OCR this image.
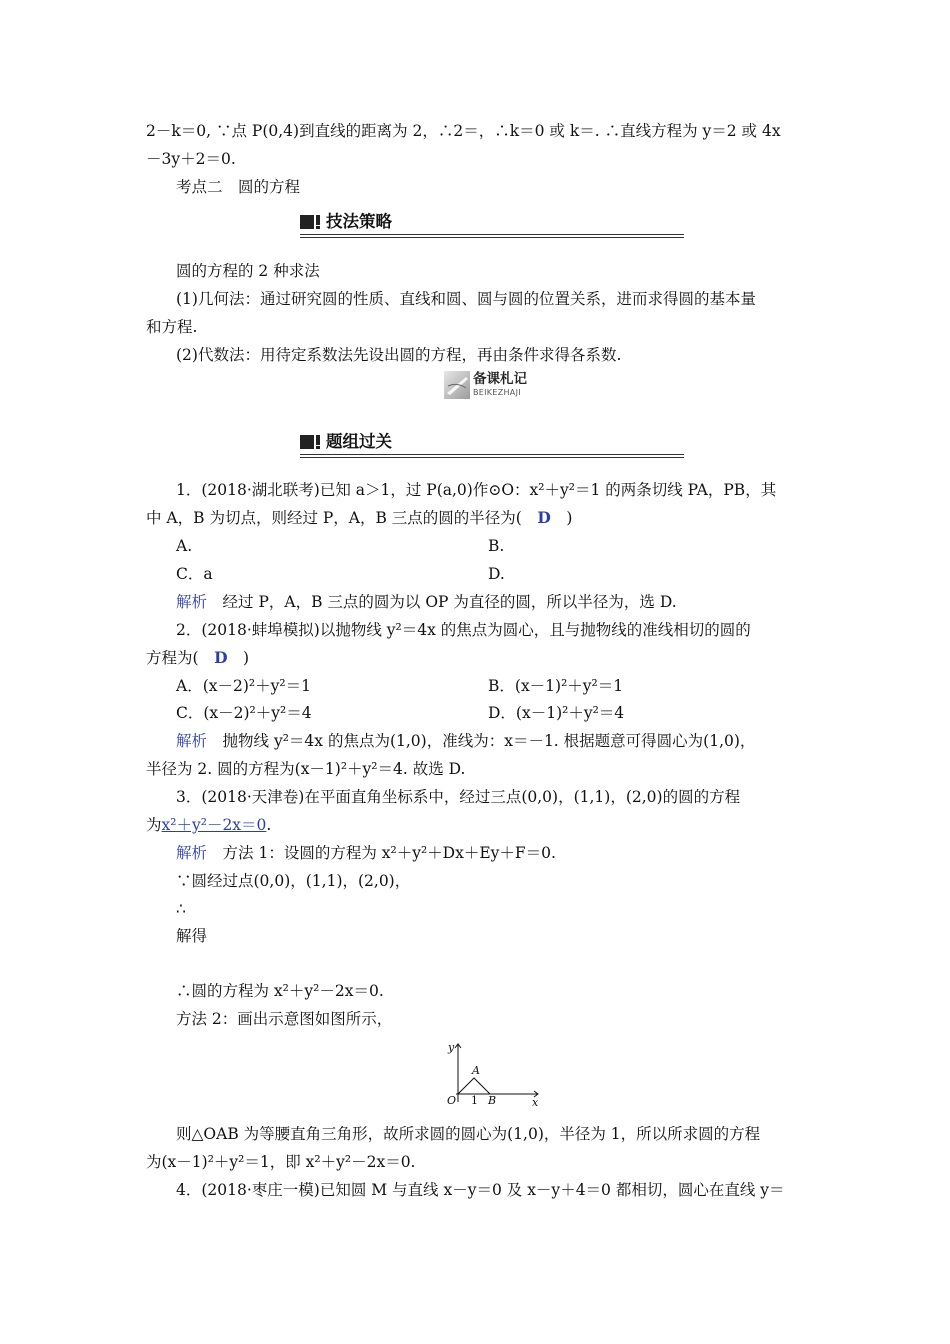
2－k＝0, ∵点 P(0,4)到直线的距离为 2，∴2＝，∴k＝0 或 k＝. ∴直线方程为 y＝2 或 4x
－3y＋2＝0.
考点二　圆的方程
技法策略
圆的方程的 2 种求法
(1)几何法：通过研究圆的性质、直线和圆、圆与圆的位置关系，进而求得圆的基本量
和方程.
(2)代数法：用待定系数法先设出圆的方程，再由条件求得各系数.
备课札记
BEIKEZHAJI
题组过关
1．(2018·湖北联考)已知 a＞1，过 P(a,0)作⊙O：x²＋y²＝1 的两条切线 PA，PB，其
中 A，B 为切点，则经过 P，A，B 三点的圆的半径为(　D　)
A.	B.
C．a	D.
解析　 经过 P，A，B 三点的圆为以 OP 为直径的圆，所以半径为，选 D.
2．(2018·蚌埠模拟)以抛物线 y²＝4x 的焦点为圆心，且与抛物线的准线相切的圆的
方程为(　D　)
A．(x－2)²＋y²＝1	B．(x－1)²＋y²＝1
C．(x－2)²＋y²＝4	D．(x－1)²＋y²＝4
解析　 抛物线 y²＝4x 的焦点为(1,0)，准线为：x＝－1. 根据题意可得圆心为(1,0)，
半径为 2. 圆的方程为(x－1)²＋y²＝4. 故选 D.
3．(2018·天津卷)在平面直角坐标系中，经过三点(0,0)，(1,1)，(2,0)的圆的方程
为x²＋y²－2x＝0.
解析　 方法 1：设圆的方程为 x²＋y²＋Dx＋Ey＋F＝0.
∵圆经过点(0,0)，(1,1)，(2,0)，
∴
解得
∴圆的方程为 x²＋y²－2x＝0.
方法 2：画出示意图如图所示，
y
x
O 1 B
A
则△OAB 为等腰直角三角形，故所求圆的圆心为(1,0)，半径为 1，所以所求圆的方程
为(x－1)²＋y²＝1，即 x²＋y²－2x＝0.
4．(2018·枣庄一模)已知圆 M 与直线 x－y＝0 及 x－y＋4＝0 都相切，圆心在直线 y＝
